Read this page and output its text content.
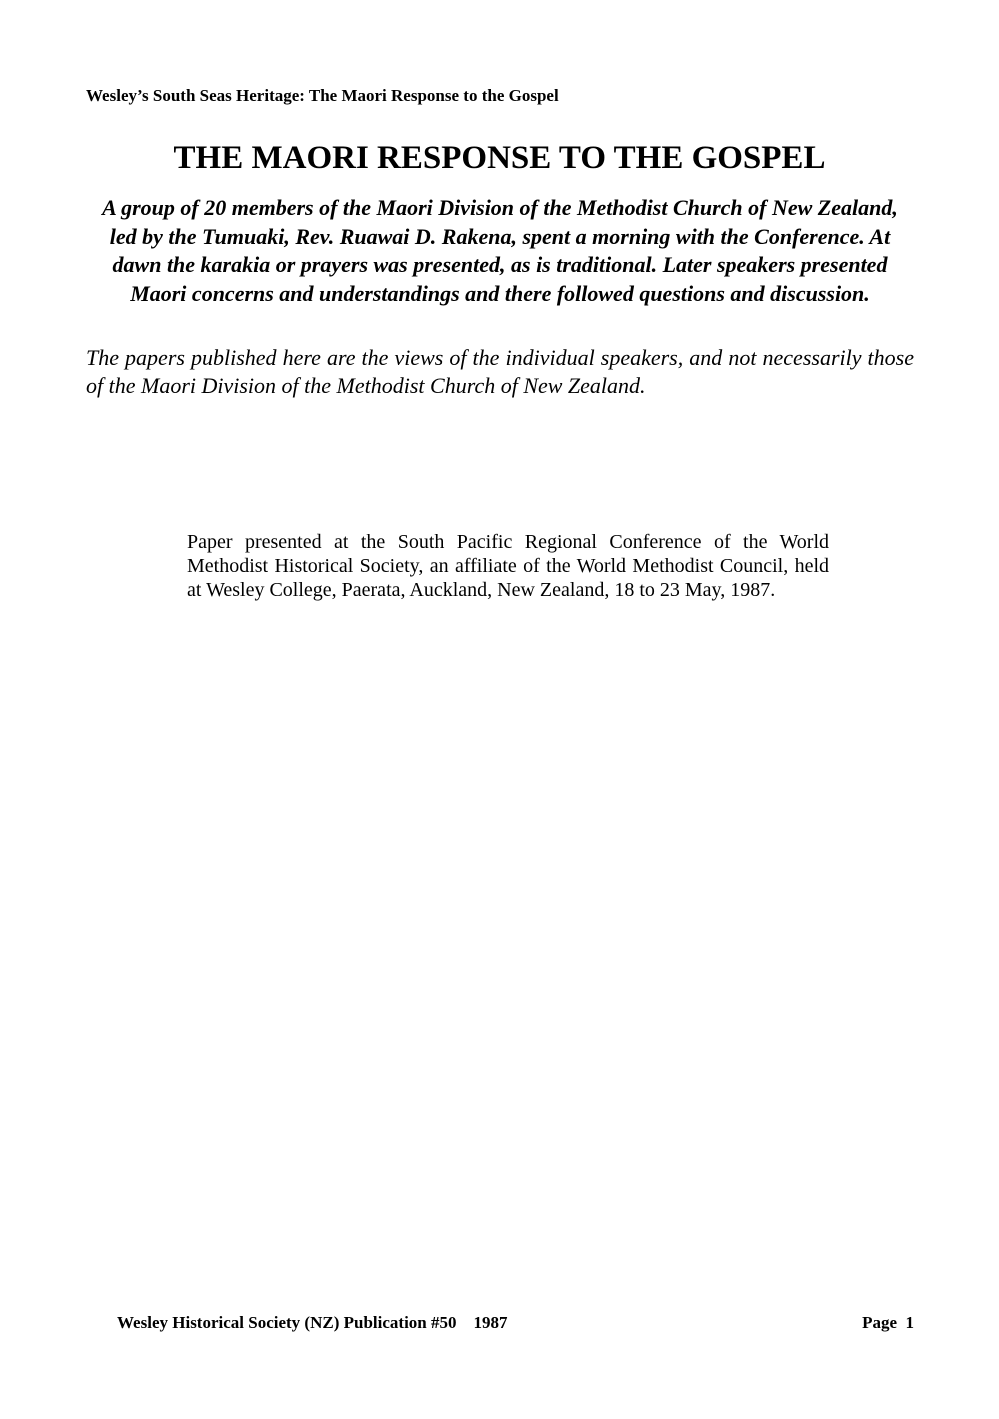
Wesley’s South Seas Heritage: The Maori Response to the Gospel
THE MAORI RESPONSE TO THE GOSPEL

A group of 20 members of the Maori Division of the Methodist Church of New Zealand, led by the Tumuaki, Rev. Ruawai D. Rakena, spent a morning with the Conference. At dawn the karakia or prayers was presented, as is traditional. Later speakers presented Maori concerns and understandings and there followed questions and discussion.

The papers published here are the views of the individual speakers, and not necessarily those of the Maori Division of the Methodist Church of New Zealand.

Paper presented at the South Pacific Regional Conference of the World Methodist Historical Society, an affiliate of the World Methodist Council, held at Wesley College, Paerata, Auckland, New Zealand, 18 to 23 May, 1987.

Wesley Historical Society (NZ) Publication #50    1987	Page  1
